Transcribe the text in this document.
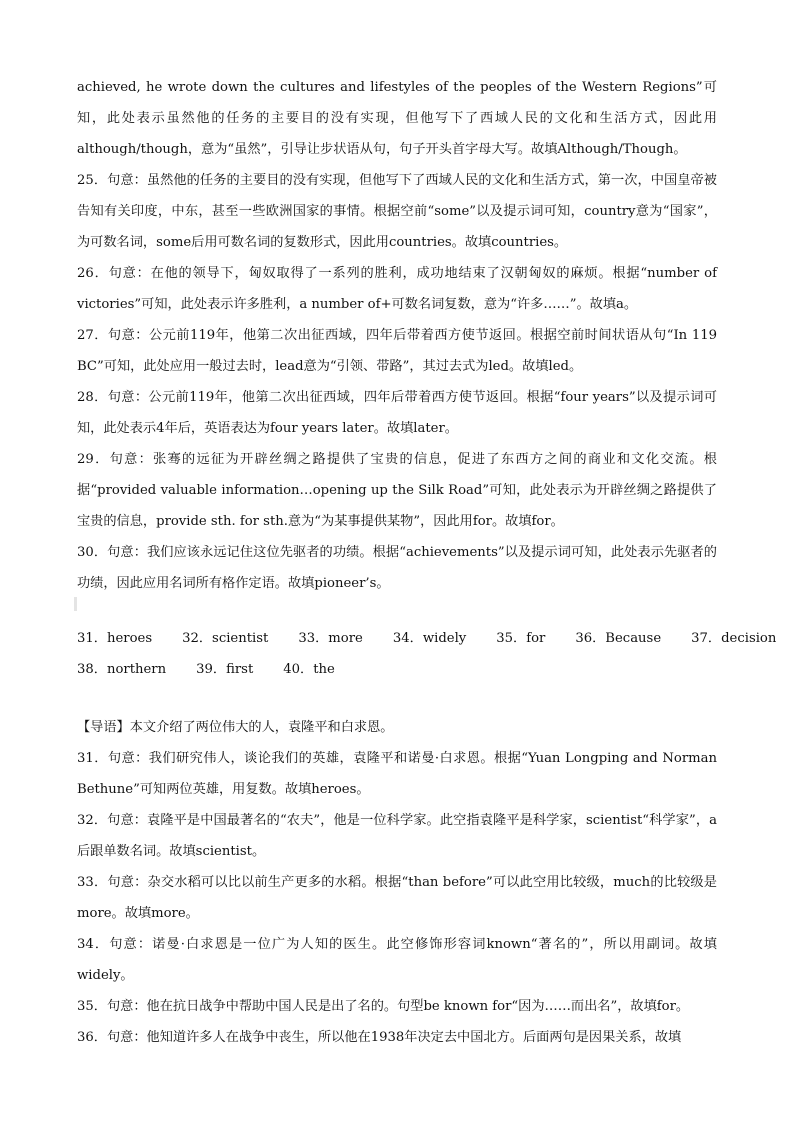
achieved, he wrote down the cultures and lifestyles of the peoples of the Western Regions”可知，此处表示虽然他的任务的主要目的没有实现，但他写下了西域人民的文化和生活方式，因此用although/though，意为“虽然”，引导让步状语从句，句子开头首字母大写。故填Although/Though。

25．句意：虽然他的任务的主要目的没有实现，但他写下了西域人民的文化和生活方式，第一次，中国皇帝被告知有关印度，中东，甚至一些欧洲国家的事情。根据空前“some”以及提示词可知，country意为“国家”，为可数名词，some后用可数名词的复数形式，因此用countries。故填countries。

26．句意：在他的领导下，匈奴取得了一系列的胜利，成功地结束了汉朝匈奴的麻烦。根据“number of victories”可知，此处表示许多胜利，a number of+可数名词复数，意为“许多……”。故填a。

27．句意：公元前119年，他第二次出征西域，四年后带着西方使节返回。根据空前时间状语从句“In 119 BC”可知，此处应用一般过去时，lead意为“引领、带路”，其过去式为led。故填led。

28．句意：公元前119年，他第二次出征西域，四年后带着西方使节返回。根据“four years”以及提示词可知，此处表示4年后，英语表达为four years later。故填later。

29．句意：张骞的远征为开辟丝绸之路提供了宝贵的信息，促进了东西方之间的商业和文化交流。根据“provided valuable information…opening up the Silk Road”可知，此处表示为开辟丝绸之路提供了宝贵的信息，provide sth. for sth.意为“为某事提供某物”，因此用for。故填for。

30．句意：我们应该永远记住这位先驱者的功绩。根据“achievements”以及提示词可知，此处表示先驱者的功绩，因此应用名词所有格作定语。故填pioneer’s。

31．heroes 32．scientist 33．more 34．widely 35．for 36．Because 37．decision
38．northern 39．first 40．the

【导语】本文介绍了两位伟大的人，袁隆平和白求恩。

31．句意：我们研究伟人，谈论我们的英雄，袁隆平和诺曼·白求恩。根据“Yuan Longping and Norman Bethune”可知两位英雄，用复数。故填heroes。

32．句意：袁隆平是中国最著名的“农夫”，他是一位科学家。此空指袁隆平是科学家，scientist“科学家”，a后跟单数名词。故填scientist。

33．句意：杂交水稻可以比以前生产更多的水稻。根据“than before”可以此空用比较级，much的比较级是more。故填more。

34．句意：诺曼·白求恩是一位广为人知的医生。此空修饰形容词known“著名的”，所以用副词。故填widely。

35．句意：他在抗日战争中帮助中国人民是出了名的。句型be known for“因为……而出名”，故填for。

36．句意：他知道许多人在战争中丧生，所以他在1938年决定去中国北方。后面两句是因果关系，故填
